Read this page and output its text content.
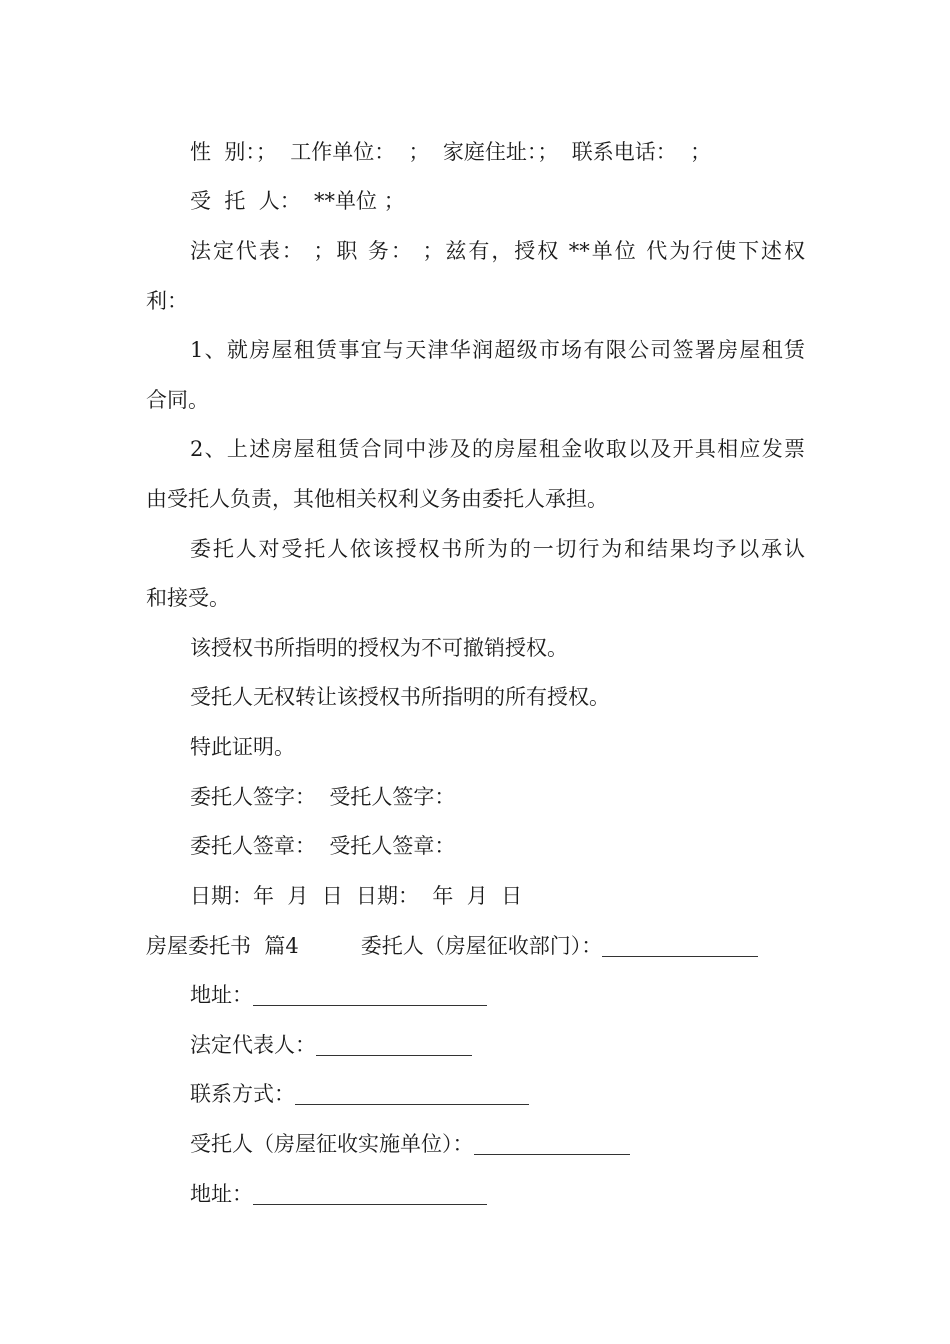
性  别：；  工作单位：  ；  家庭住址：；  联系电话：  ；
受  托  人：  **单位 ；
法定代表： ；职 务： ；兹有，授权 **单位 代为行使下述权
利：
1、就房屋租赁事宜与天津华润超级市场有限公司签署房屋租赁
合同。
2、上述房屋租赁合同中涉及的房屋租金收取以及开具相应发票
由受托人负责，其他相关权利义务由委托人承担。
委托人对受托人依该授权书所为的一切行为和结果均予以承认
和接受。
该授权书所指明的授权为不可撤销授权。
受托人无权转让该授权书所指明的所有授权。
特此证明。
委托人签字：  受托人签字：
委托人签章：  受托人签章：
日期：年  月  日  日期：  年  月  日
房屋委托书  篇4	委托人（房屋征收部门）：
地址：
法定代表人：
联系方式：
受托人（房屋征收实施单位）：
地址：
